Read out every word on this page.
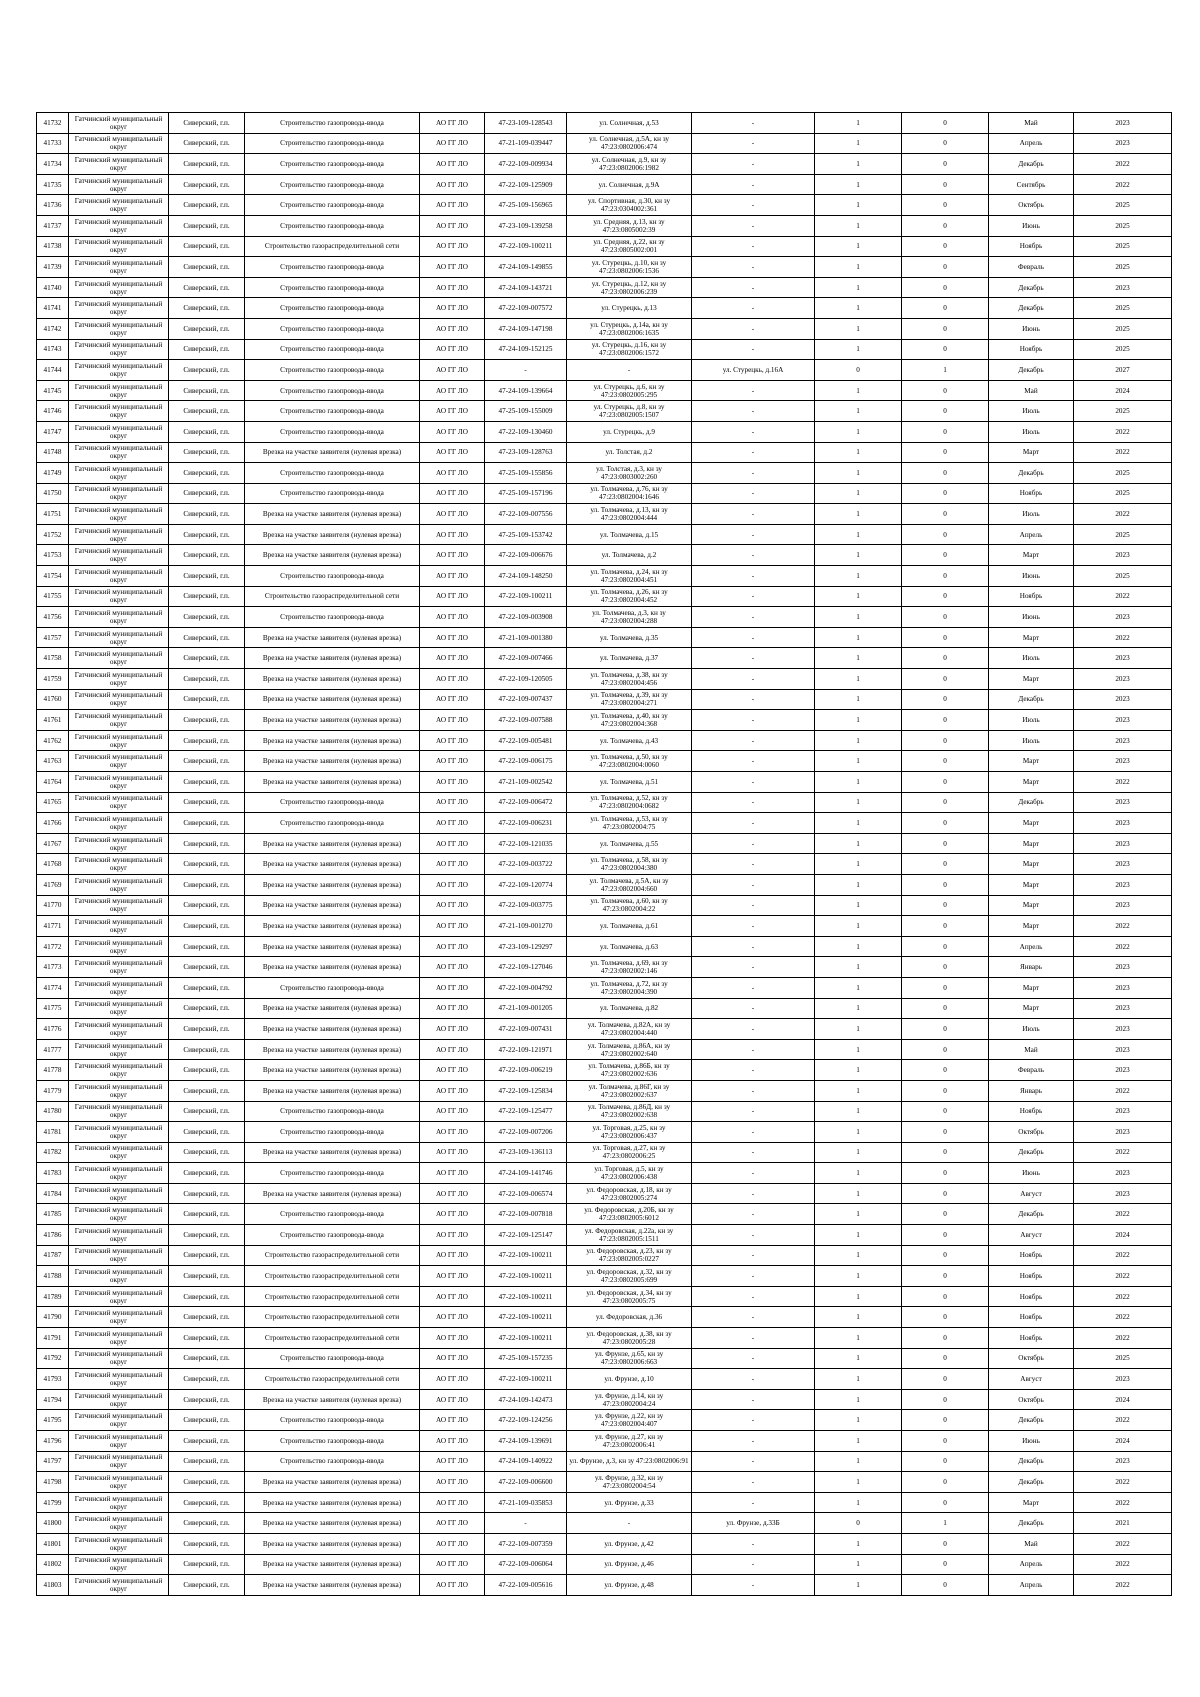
41732	Гатчинский муниципальный округ	Сиверский, г.п.	Строительство газопровода-ввода	АО ГГ ЛО	47-23-109-128543	ул. Солнечная, д.53	-	1	0	Май	2023
41733	Гатчинский муниципальный округ	Сиверский, г.п.	Строительство газопровода-ввода	АО ГГ ЛО	47-21-109-039447	ул. Солнечная, д.5А, кн зу 47:23:0802006:474	-	1	0	Апрель	2023
41734	Гатчинский муниципальный округ	Сиверский, г.п.	Строительство газопровода-ввода	АО ГГ ЛО	47-22-109-009934	ул. Солнечная, д.9, кн зу 47:23:0802006:1982	-	1	0	Декабрь	2022
41735	Гатчинский муниципальный округ	Сиверский, г.п.	Строительство газопровода-ввода	АО ГГ ЛО	47-22-109-125909	ул. Солнечная, д.9А	-	1	0	Сентябрь	2022
41736	Гатчинский муниципальный округ	Сиверский, г.п.	Строительство газопровода-ввода	АО ГГ ЛО	47-25-109-156965	ул. Спортивная, д.30, кн зу 47:23:0304002:361	-	1	0	Октябрь	2025
41737	Гатчинский муниципальный округ	Сиверский, г.п.	Строительство газопровода-ввода	АО ГГ ЛО	47-23-109-139258	ул. Средняя, д.13, кн зу 47:23:0805002:39	-	1	0	Июнь	2025
41738	Гатчинский муниципальный округ	Сиверский, г.п.	Строительство газораспределительной сети	АО ГГ ЛО	47-22-109-100211	ул. Средняя, д.22, кн зу 47:23:0805002:001	-	1	0	Ноябрь	2025
41739	Гатчинский муниципальный округ	Сиверский, г.п.	Строительство газопровода-ввода	АО ГГ ЛО	47-24-109-149855	ул. Стурецкь, д.10, кн зу 47:23:0802006:1536	-	1	0	Февраль	2025
41740	Гатчинский муниципальный округ	Сиверский, г.п.	Строительство газопровода-ввода	АО ГГ ЛО	47-24-109-143721	ул. Стурецкь, д.12, кн зу 47:23:0802006:239	-	1	0	Декабрь	2023
41741	Гатчинский муниципальный округ	Сиверский, г.п.	Строительство газопровода-ввода	АО ГГ ЛО	47-22-109-007572	ул. Стурецкь, д.13	-	1	0	Декабрь	2025
41742	Гатчинский муниципальный округ	Сиверский, г.п.	Строительство газопровода-ввода	АО ГГ ЛО	47-24-109-147198	ул. Стурецкь, д.14а, кн зу 47:23:0802006:1635	-	1	0	Июнь	2025
41743	Гатчинский муниципальный округ	Сиверский, г.п.	Строительство газопровода-ввода	АО ГГ ЛО	47-24-109-152125	ул. Стурецкь, д.16, кн зу 47:23:0802006:1572	-	1	0	Ноябрь	2025
41744	Гатчинский муниципальный округ	Сиверский, г.п.	Строительство газопровода-ввода	АО ГГ ЛО	-	-	ул. Стурецкь, д.16А	0	1	Декабрь	2027
41745	Гатчинский муниципальный округ	Сиверский, г.п.	Строительство газопровода-ввода	АО ГГ ЛО	47-24-109-139664	ул. Стурецкь, д.6, кн зу 47:23:0802005:295	-	1	0	Май	2024
41746	Гатчинский муниципальный округ	Сиверский, г.п.	Строительство газопровода-ввода	АО ГГ ЛО	47-25-109-155009	ул. Стурецкь, д.8, кн зу 47:23:0802005:1507	-	1	0	Июль	2025
41747	Гатчинский муниципальный округ	Сиверский, г.п.	Строительство газопровода-ввода	АО ГГ ЛО	47-22-109-130460	ул. Стурецкь, д.9	-	1	0	Июль	2022
41748	Гатчинский муниципальный округ	Сиверский, г.п.	Врезка на участке заявителя (нулевая врезка)	АО ГГ ЛО	47-23-109-128763	ул. Толстая, д.2	-	1	0	Март	2022
41749	Гатчинский муниципальный округ	Сиверский, г.п.	Строительство газопровода-ввода	АО ГГ ЛО	47-25-109-155856	ул. Толстая, д.3, кн зу 47:23:0803002:260	-	1	0	Декабрь	2025
41750	Гатчинский муниципальный округ	Сиверский, г.п.	Строительство газопровода-ввода	АО ГГ ЛО	47-25-109-157196	ул. Толмачева, д.76, кн зу 47:23:0802004:1646	-	1	0	Ноябрь	2025
41751	Гатчинский муниципальный округ	Сиверский, г.п.	Врезка на участке заявителя (нулевая врезка)	АО ГГ ЛО	47-22-109-007556	ул. Толмачева, д.13, кн зу 47:23:0802004:444	-	1	0	Июль	2022
41752	Гатчинский муниципальный округ	Сиверский, г.п.	Врезка на участке заявителя (нулевая врезка)	АО ГГ ЛО	47-25-109-153742	ул. Толмачева, д.15	-	1	0	Апрель	2025
41753	Гатчинский муниципальный округ	Сиверский, г.п.	Врезка на участке заявителя (нулевая врезка)	АО ГГ ЛО	47-22-109-006676	ул. Толмачева, д.2	-	1	0	Март	2023
41754	Гатчинский муниципальный округ	Сиверский, г.п.	Строительство газопровода-ввода	АО ГГ ЛО	47-24-109-148250	ул. Толмачева, д.24, кн зу 47:23:0802004:451	-	1	0	Июнь	2025
41755	Гатчинский муниципальный округ	Сиверский, г.п.	Строительство газораспределительной сети	АО ГГ ЛО	47-22-109-100211	ул. Толмачева, д.26, кн зу 47:23:0802004:452	-	1	0	Ноябрь	2022
41756	Гатчинский муниципальный округ	Сиверский, г.п.	Строительство газопровода-ввода	АО ГГ ЛО	47-22-109-003908	ул. Толмачева, д.3, кн зу 47:23:0802004:288	-	1	0	Июнь	2023
41757	Гатчинский муниципальный округ	Сиверский, г.п.	Врезка на участке заявителя (нулевая врезка)	АО ГГ ЛО	47-21-109-001380	ул. Толмачева, д.35	-	1	0	Март	2022
41758	Гатчинский муниципальный округ	Сиверский, г.п.	Врезка на участке заявителя (нулевая врезка)	АО ГГ ЛО	47-22-109-007466	ул. Толмачева, д.37	-	1	0	Июль	2023
41759	Гатчинский муниципальный округ	Сиверский, г.п.	Врезка на участке заявителя (нулевая врезка)	АО ГГ ЛО	47-22-109-120505	ул. Толмачева, д.38, кн зу 47:23:0802004:456	-	1	0	Март	2023
41760	Гатчинский муниципальный округ	Сиверский, г.п.	Врезка на участке заявителя (нулевая врезка)	АО ГГ ЛО	47-22-109-007437	ул. Толмачева, д.39, кн зу 47:23:0802004:271	-	1	0	Декабрь	2023
41761	Гатчинский муниципальный округ	Сиверский, г.п.	Врезка на участке заявителя (нулевая врезка)	АО ГГ ЛО	47-22-109-007588	ул. Толмачева, д.40, кн зу 47:23:0802004:368	-	1	0	Июль	2023
41762	Гатчинский муниципальный округ	Сиверский, г.п.	Врезка на участке заявителя (нулевая врезка)	АО ГГ ЛО	47-22-109-005481	ул. Толмачева, д.43	-	1	0	Июль	2023
41763	Гатчинский муниципальный округ	Сиверский, г.п.	Врезка на участке заявителя (нулевая врезка)	АО ГГ ЛО	47-22-109-006175	ул. Толмачева, д.50, кн зу 47:23:0802004:0060	-	1	0	Март	2023
41764	Гатчинский муниципальный округ	Сиверский, г.п.	Врезка на участке заявителя (нулевая врезка)	АО ГГ ЛО	47-21-109-002542	ул. Толмачева, д.51	-	1	0	Март	2022
41765	Гатчинский муниципальный округ	Сиверский, г.п.	Строительство газопровода-ввода	АО ГГ ЛО	47-22-109-006472	ул. Толмачева, д.52, кн зу 47:23:0802004:0682	-	1	0	Декабрь	2023
41766	Гатчинский муниципальный округ	Сиверский, г.п.	Строительство газопровода-ввода	АО ГГ ЛО	47-22-109-006231	ул. Толмачева, д.53, кн зу 47:23:0802004:75	-	1	0	Март	2023
41767	Гатчинский муниципальный округ	Сиверский, г.п.	Врезка на участке заявителя (нулевая врезка)	АО ГГ ЛО	47-22-109-121035	ул. Толмачева, д.55	-	1	0	Март	2023
41768	Гатчинский муниципальный округ	Сиверский, г.п.	Врезка на участке заявителя (нулевая врезка)	АО ГГ ЛО	47-22-109-003722	ул. Толмачева, д.58, кн зу 47:23:0802004:380	-	1	0	Март	2023
41769	Гатчинский муниципальный округ	Сиверский, г.п.	Врезка на участке заявителя (нулевая врезка)	АО ГГ ЛО	47-22-109-120774	ул. Толмачева, д.5А, кн зу 47:23:0802004:660	-	1	0	Март	2023
41770	Гатчинский муниципальный округ	Сиверский, г.п.	Врезка на участке заявителя (нулевая врезка)	АО ГГ ЛО	47-22-109-003775	ул. Толмачева, д.60, кн зу 47:23:0802004:22	-	1	0	Март	2023
41771	Гатчинский муниципальный округ	Сиверский, г.п.	Врезка на участке заявителя (нулевая врезка)	АО ГГ ЛО	47-21-109-001270	ул. Толмачева, д.61	-	1	0	Март	2022
41772	Гатчинский муниципальный округ	Сиверский, г.п.	Врезка на участке заявителя (нулевая врезка)	АО ГГ ЛО	47-23-109-129297	ул. Толмачева, д.63	-	1	0	Апрель	2022
41773	Гатчинский муниципальный округ	Сиверский, г.п.	Врезка на участке заявителя (нулевая врезка)	АО ГГ ЛО	47-22-109-127046	ул. Толмачева, д.69, кн зу 47:23:0802002:146	-	1	0	Январь	2023
41774	Гатчинский муниципальный округ	Сиверский, г.п.	Строительство газопровода-ввода	АО ГГ ЛО	47-22-109-004792	ул. Толмачева, д.72, кн зу 47:23:0802004:390	-	1	0	Март	2023
41775	Гатчинский муниципальный округ	Сиверский, г.п.	Врезка на участке заявителя (нулевая врезка)	АО ГГ ЛО	47-21-109-001205	ул. Толмачева, д.82	-	1	0	Март	2023
41776	Гатчинский муниципальный округ	Сиверский, г.п.	Врезка на участке заявителя (нулевая врезка)	АО ГГ ЛО	47-22-109-007431	ул. Толмачева, д.82А, кн зу 47:23:0802004:440	-	1	0	Июль	2023
41777	Гатчинский муниципальный округ	Сиверский, г.п.	Врезка на участке заявителя (нулевая врезка)	АО ГГ ЛО	47-22-109-121971	ул. Толмачева, д.86А, кн зу 47:23:0802002:640	-	1	0	Май	2023
41778	Гатчинский муниципальный округ	Сиверский, г.п.	Врезка на участке заявителя (нулевая врезка)	АО ГГ ЛО	47-22-109-006219	ул. Толмачева, д.86Б, кн зу 47:23:0802002:636	-	1	0	Февраль	2023
41779	Гатчинский муниципальный округ	Сиверский, г.п.	Врезка на участке заявителя (нулевая врезка)	АО ГГ ЛО	47-22-109-125834	ул. Толмачева, д.86Г, кн зу 47:23:0802002:637	-	1	0	Январь	2022
41780	Гатчинский муниципальный округ	Сиверский, г.п.	Строительство газопровода-ввода	АО ГГ ЛО	47-22-109-125477	ул. Толмачева, д.86Д, кн зу 47:23:0802002:638	-	1	0	Ноябрь	2023
41781	Гатчинский муниципальный округ	Сиверский, г.п.	Строительство газопровода-ввода	АО ГГ ЛО	47-22-109-007206	ул. Торговая, д.25, кн зу 47:23:0802006:437	-	1	0	Октябрь	2023
41782	Гатчинский муниципальный округ	Сиверский, г.п.	Врезка на участке заявителя (нулевая врезка)	АО ГГ ЛО	47-23-109-136113	ул. Торговая, д.27, кн зу 47:23:0802006:25	-	1	0	Декабрь	2022
41783	Гатчинский муниципальный округ	Сиверский, г.п.	Строительство газопровода-ввода	АО ГГ ЛО	47-24-109-141746	ул. Торговая, д.5, кн зу 47:23:0802006:438	-	1	0	Июнь	2023
41784	Гатчинский муниципальный округ	Сиверский, г.п.	Врезка на участке заявителя (нулевая врезка)	АО ГГ ЛО	47-22-109-006574	ул. Федоровская, д.18, кн зу 47:23:0802005:274	-	1	0	Август	2023
41785	Гатчинский муниципальный округ	Сиверский, г.п.	Строительство газопровода-ввода	АО ГГ ЛО	47-22-109-007818	ул. Федоровская, д.20Б, кн зу 47:23:0802005:6012	-	1	0	Декабрь	2022
41786	Гатчинский муниципальный округ	Сиверский, г.п.	Строительство газопровода-ввода	АО ГГ ЛО	47-22-109-125147	ул. Федоровская, д.22а, кн зу 47:23:0802005:1511	-	1	0	Август	2024
41787	Гатчинский муниципальный округ	Сиверский, г.п.	Строительство газораспределительной сети	АО ГГ ЛО	47-22-109-100211	ул. Федоровская, д.23, кн зу 47:23:0802005:0227	-	1	0	Ноябрь	2022
41788	Гатчинский муниципальный округ	Сиверский, г.п.	Строительство газораспределительной сети	АО ГГ ЛО	47-22-109-100211	ул. Федоровская, д.32, кн зу 47:23:0802005:699	-	1	0	Ноябрь	2022
41789	Гатчинский муниципальный округ	Сиверский, г.п.	Строительство газораспределительной сети	АО ГГ ЛО	47-22-109-100211	ул. Федоровская, д.34, кн зу 47:23:0802005:75	-	1	0	Ноябрь	2022
41790	Гатчинский муниципальный округ	Сиверский, г.п.	Строительство газораспределительной сети	АО ГГ ЛО	47-22-109-100211	ул. Федоровская, д.36	-	1	0	Ноябрь	2022
41791	Гатчинский муниципальный округ	Сиверский, г.п.	Строительство газораспределительной сети	АО ГГ ЛО	47-22-109-100211	ул. Федоровская, д.38, кн зу 47:23:0802005:28	-	1	0	Ноябрь	2022
41792	Гатчинский муниципальный округ	Сиверский, г.п.	Строительство газопровода-ввода	АО ГГ ЛО	47-25-109-157235	ул. Фрунзе, д.65, кн зу 47:23:0802006:663	-	1	0	Октябрь	2025
41793	Гатчинский муниципальный округ	Сиверский, г.п.	Строительство газораспределительной сети	АО ГГ ЛО	47-22-109-100211	ул. Фрунзе, д.10	-	1	0	Август	2023
41794	Гатчинский муниципальный округ	Сиверский, г.п.	Врезка на участке заявителя (нулевая врезка)	АО ГГ ЛО	47-24-109-142473	ул. Фрунзе, д.14, кн зу 47:23:0802004:24	-	1	0	Октябрь	2024
41795	Гатчинский муниципальный округ	Сиверский, г.п.	Строительство газопровода-ввода	АО ГГ ЛО	47-22-109-124256	ул. Фрунзе, д.22, кн зу 47:23:0802004:407	-	1	0	Декабрь	2022
41796	Гатчинский муниципальный округ	Сиверский, г.п.	Строительство газопровода-ввода	АО ГГ ЛО	47-24-109-139691	ул. Фрунзе, д.27, кн зу 47:23:0802006:41	-	1	0	Июнь	2024
41797	Гатчинский муниципальный округ	Сиверский, г.п.	Строительство газопровода-ввода	АО ГГ ЛО	47-24-109-140922	ул. Фрунзе, д.3, кн зу 47:23:0802006:91	-	1	0	Декабрь	2023
41798	Гатчинский муниципальный округ	Сиверский, г.п.	Врезка на участке заявителя (нулевая врезка)	АО ГГ ЛО	47-22-109-006600	ул. Фрунзе, д.32, кн зу 47:23:0802004:54	-	1	0	Декабрь	2022
41799	Гатчинский муниципальный округ	Сиверский, г.п.	Врезка на участке заявителя (нулевая врезка)	АО ГГ ЛО	47-21-109-035853	ул. Фрунзе, д.33	-	1	0	Март	2022
41800	Гатчинский муниципальный округ	Сиверский, г.п.	Врезка на участке заявителя (нулевая врезка)	АО ГГ ЛО	-	-	ул. Фрунзе, д.33Б	0	1	Декабрь	2021
41801	Гатчинский муниципальный округ	Сиверский, г.п.	Врезка на участке заявителя (нулевая врезка)	АО ГГ ЛО	47-22-109-007359	ул. Фрунзе, д.42	-	1	0	Май	2022
41802	Гатчинский муниципальный округ	Сиверский, г.п.	Врезка на участке заявителя (нулевая врезка)	АО ГГ ЛО	47-22-109-006064	ул. Фрунзе, д.46	-	1	0	Апрель	2022
41803	Гатчинский муниципальный округ	Сиверский, г.п.	Врезка на участке заявителя (нулевая врезка)	АО ГГ ЛО	47-22-109-005616	ул. Фрунзе, д.48	-	1	0	Апрель	2022
